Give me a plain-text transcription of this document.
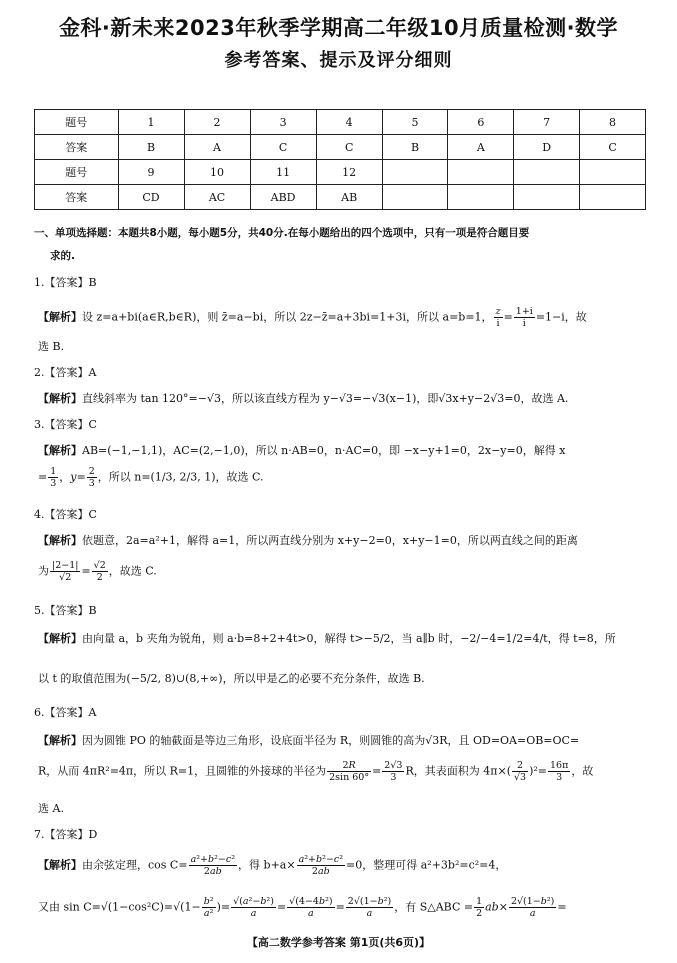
金科·新未来2023年秋季学期高二年级10月质量检测·数学
参考答案、提示及评分细则
题号	1	2	3	4	5	6	7	8
答案	B	A	C	C	B	A	D	C
题号	9	10	11	12				
答案	CD	AC	ABD	AB				
一、单项选择题：本题共8小题，每小题5分，共40分.在每小题给出的四个选项中，只有一项是符合题目要
求的.
1.【答案】B
【解析】设 z=a+bi(a∈R,b∈R)，则 z̄=a−bi，所以 2z−z̄=a+3bi=1+3i，所以 a=b=1， $\frac{z}{i} = \frac{1+i}{i} =1-i$，故
选 B.
2.【答案】A
【解析】直线斜率为 tan 120°=−√3，所以该直线方程为 y−√3=−√3(x−1)，即√3x+y−2√3=0，故选 A.
3.【答案】C
【解析】AB=(−1,−1,1)，AC=(2,−1,0)，所以 n·AB=0，n·AC=0，即 −x−y+1=0，2x−y=0，解得 x
= $\frac{1}{3}$ ，$y= \frac{2}{3}$ ，所以 n=(1/3, 2/3, 1)，故选 C.
4.【答案】C
【解析】依题意，2a=a²+1，解得 a=1，所以两直线分别为 x+y−2=0，x+y−1=0，所以两直线之间的距离
为 $\frac{|2-1|}{√2} = \frac{√2}{2}$ ，故选 C.
5.【答案】B
【解析】由向量 a，b 夹角为锐角，则 a·b=8+2+4t>0，解得 t>−5/2，当 a∥b 时，−2/−4=1/2=4/t，得 t=8，所
以 t 的取值范围为(−5/2, 8)∪(8,+∞)，所以甲是乙的必要不充分条件，故选 B.
6.【答案】A
【解析】因为圆锥 PO 的轴截面是等边三角形，设底面半径为 R，则圆锥的高为√3R，且 OD=OA=OB=OC=
R，从而 4πR²=4π，所以 R=1，且圆锥的外接球的半径为 $\frac{2R}{2\sin 60^\circ} = \frac{2√3}{3}$ R，其表面积为 $4\pi\times( \frac{2}{√3} )^2= \frac{16\pi}{3}$ ，故
选 A.
7.【答案】D
【解析】由余弦定理，$\cos C= \frac{\text{a²+b²−c²}}{2ab}$ ，得 $b+a\times \frac{\text{a²+b²−c²}}{2ab} =0$，整理可得 a²+3b²=c²=4，
又由 $\sin C=√(1-\cos^2C)=√(1- \frac{\text{b²}}{\text{a²}}$ )= $\frac{\text{√(a²−b²)}}{a} = \frac{\text{√(4−4b²)}}{a} = \frac{\text{2√(1−b²)}}{a}$ ，有 S△ABC = $\frac{1}{2} ab\times \frac{\text{2√(1−b²)}}{a}$ =
【高二数学参考答案 第1页(共6页)】
